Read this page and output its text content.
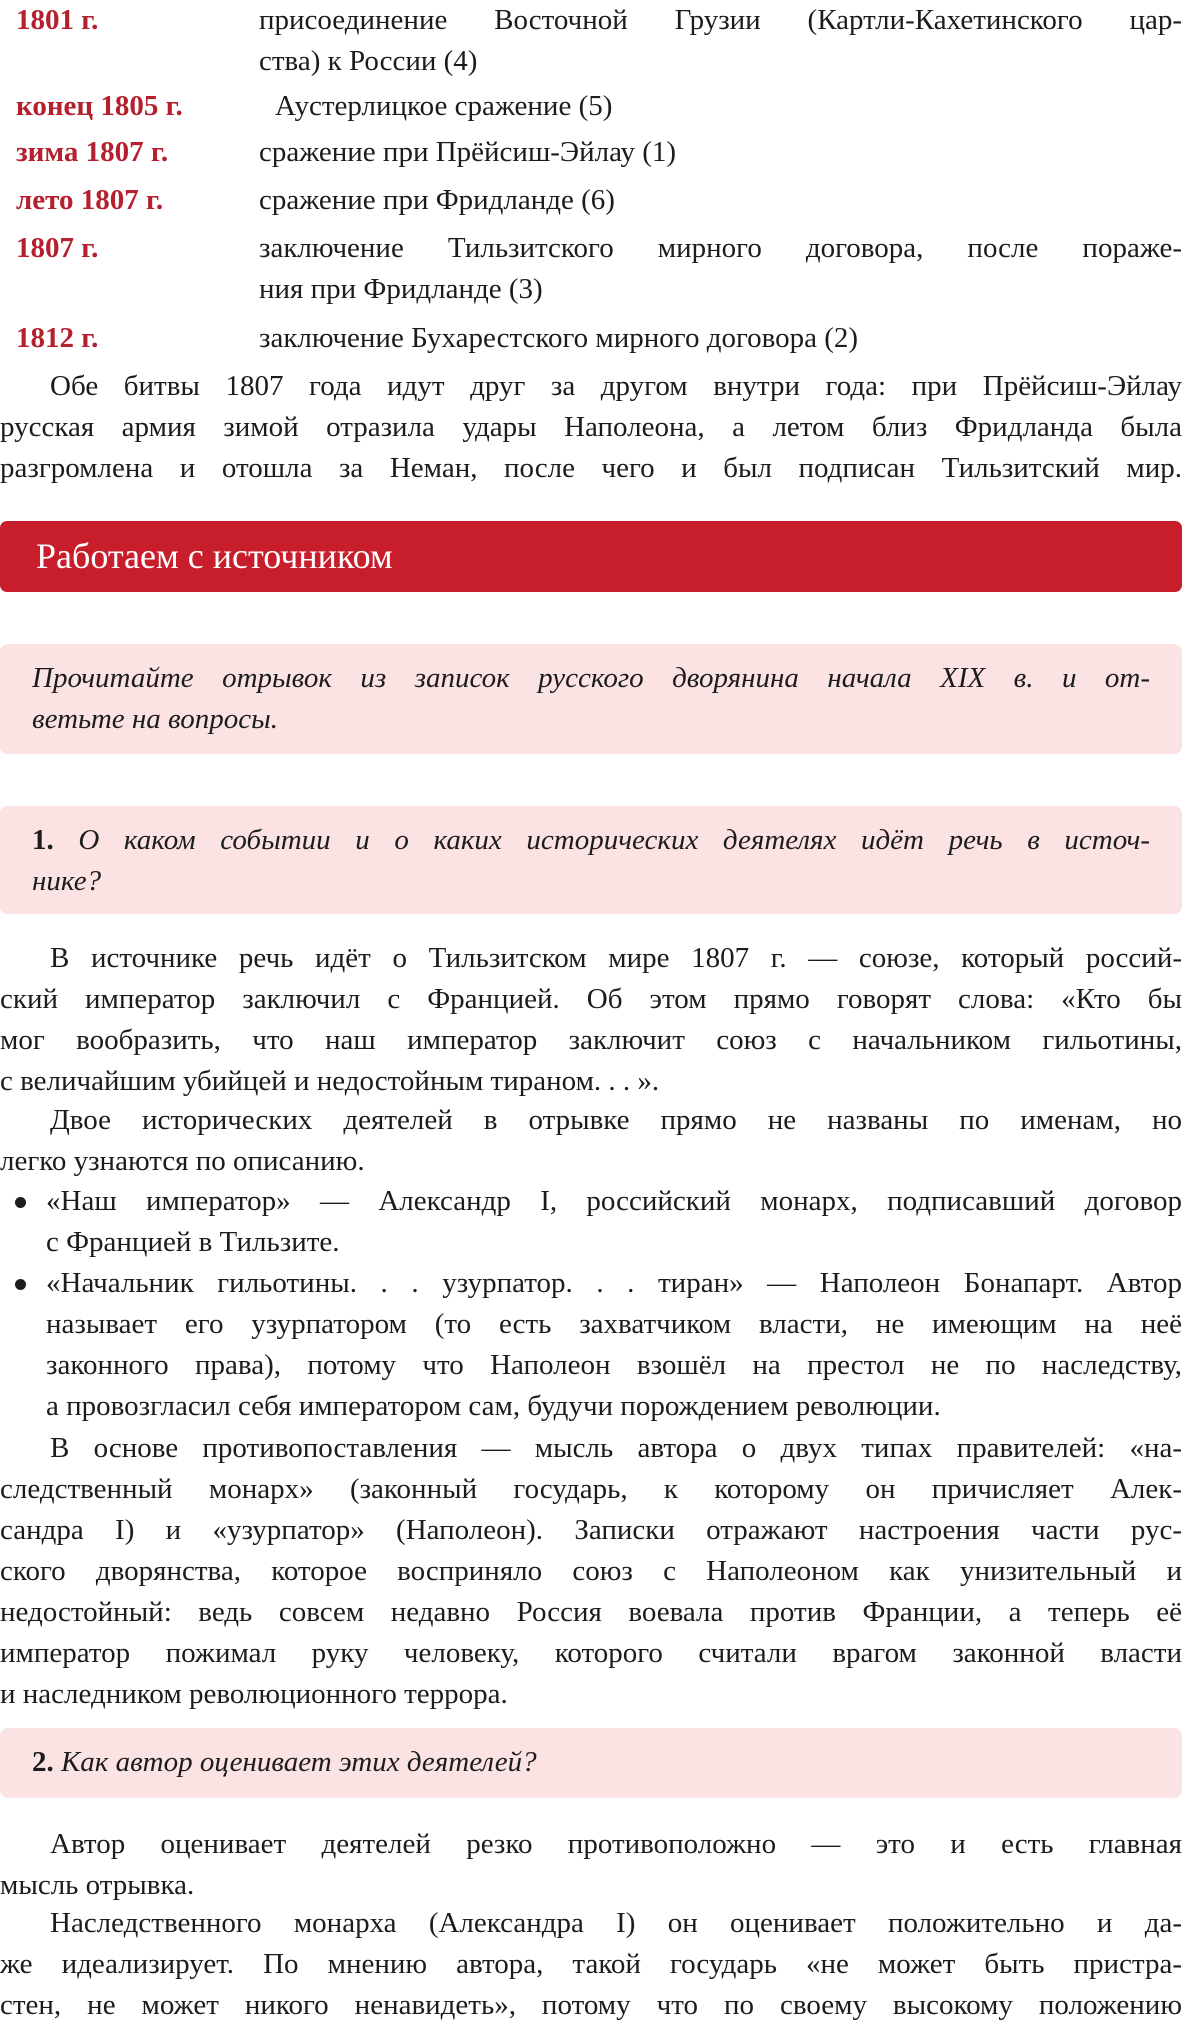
1801 г.	присоединение Восточной Грузии (Картли-Кахетинского цар-
ства) к России (4)
конец 1805 г.	Аустерлицкое сражение (5)
зима 1807 г.	сражение при Прёйсиш-Эйлау (1)
лето 1807 г.	сражение при Фридланде (6)
1807 г.	заключение Тильзитского мирного договора, после пораже-
ния при Фридланде (3)
1812 г.	заключение Бухарестского мирного договора (2)
Обе битвы 1807 года идут друг за другом внутри года: при Прёйсиш-Эйлау
русская армия зимой отразила удары Наполеона, а летом близ Фридланда была
разгромлена и отошла за Неман, после чего и был подписан Тильзитский мир.
Работаем с источником
Прочитайте отрывок из записок русского дворянина начала XIX в. и от-
ветьте на вопросы.
1. О каком событии и о каких исторических деятелях идёт речь в источ-
нике?
В источнике речь идёт о Тильзитском мире 1807 г. — союзе, который россий-
ский император заключил с Францией. Об этом прямо говорят слова: «Кто бы
мог вообразить, что наш император заключит союз с начальником гильотины,
с величайшим убийцей и недостойным тираном. . . ».
Двое исторических деятелей в отрывке прямо не названы по именам, но
легко узнаются по описанию.
«Наш император» — Александр I, российский монарх, подписавший договор
с Францией в Тильзите.
«Начальник гильотины. . . узурпатор. . . тиран» — Наполеон Бонапарт. Автор
называет его узурпатором (то есть захватчиком власти, не имеющим на неё
законного права), потому что Наполеон взошёл на престол не по наследству,
а провозгласил себя императором сам, будучи порождением революции.
В основе противопоставления — мысль автора о двух типах правителей: «на-
следственный монарх» (законный государь, к которому он причисляет Алек-
сандра I) и «узурпатор» (Наполеон). Записки отражают настроения части рус-
ского дворянства, которое восприняло союз с Наполеоном как унизительный и
недостойный: ведь совсем недавно Россия воевала против Франции, а теперь её
император пожимал руку человеку, которого считали врагом законной власти
и наследником революционного террора.
2. Как автор оценивает этих деятелей?
Автор оценивает деятелей резко противоположно — это и есть главная
мысль отрывка.
Наследственного монарха (Александра I) он оценивает положительно и да-
же идеализирует. По мнению автора, такой государь «не может быть пристра-
стен, не может никого ненавидеть», потому что по своему высокому положению
